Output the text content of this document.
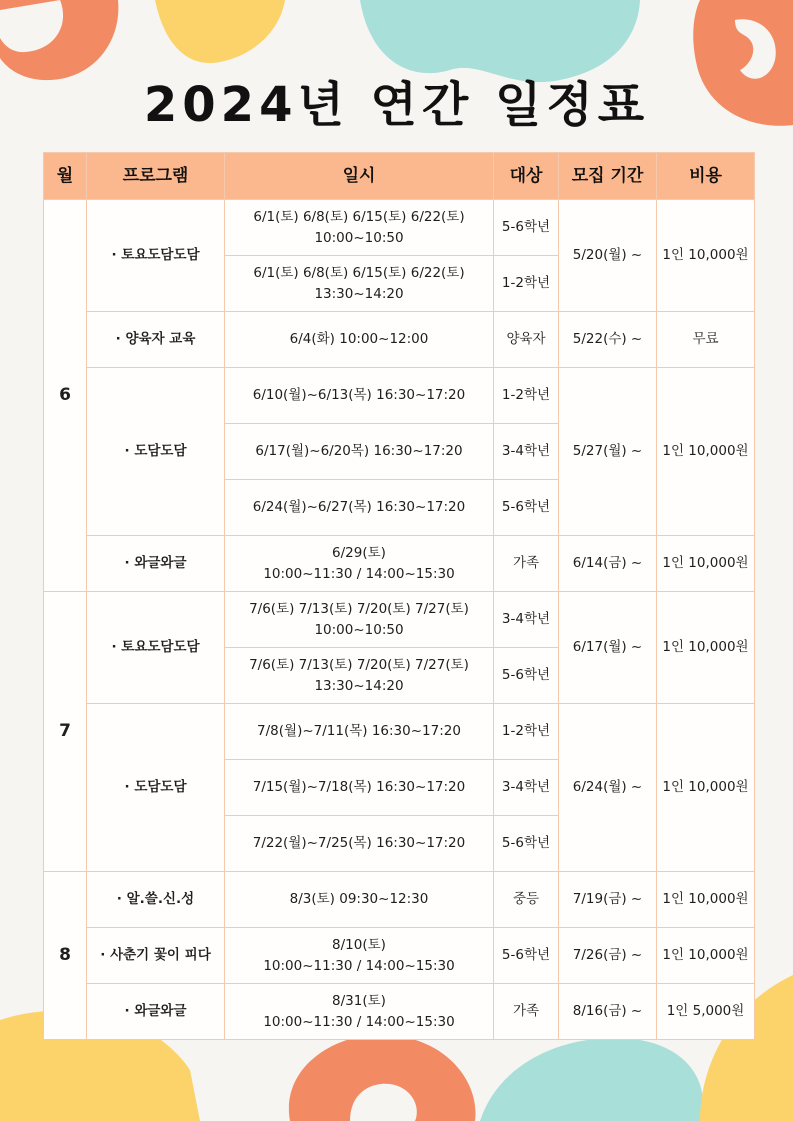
2024년 연간 일정표
월	프로그램	일시	대상	모집 기간	비용
6	· 토요도담도담	6/1(토) 6/8(토) 6/15(토) 6/22(토)
10:00~10:50	5-6학년	5/20(월) ~	1인 10,000원
		6/1(토) 6/8(토) 6/15(토) 6/22(토)
13:30~14:20	1-2학년		
	· 양육자 교육	6/4(화) 10:00~12:00	양육자	5/22(수) ~	무료
	· 도담도담	6/10(월)~6/13(목) 16:30~17:20	1-2학년	5/27(월) ~	1인 10,000원
		6/17(월)~6/20목) 16:30~17:20	3-4학년		
		6/24(월)~6/27(목) 16:30~17:20	5-6학년		
	· 와글와글	6/29(토)
10:00~11:30 / 14:00~15:30	가족	6/14(금) ~	1인 10,000원
7	· 토요도담도담	7/6(토) 7/13(토) 7/20(토) 7/27(토)
10:00~10:50	3-4학년	6/17(월) ~	1인 10,000원
		7/6(토) 7/13(토) 7/20(토) 7/27(토)
13:30~14:20	5-6학년		
	· 도담도담	7/8(월)~7/11(목) 16:30~17:20	1-2학년	6/24(월) ~	1인 10,000원
		7/15(월)~7/18(목) 16:30~17:20	3-4학년		
		7/22(월)~7/25(목) 16:30~17:20	5-6학년		
8	· 알.쓸.신.성	8/3(토) 09:30~12:30	중등	7/19(금) ~	1인 10,000원
	· 사춘기 꽃이 피다	8/10(토)
10:00~11:30 / 14:00~15:30	5-6학년	7/26(금) ~	1인 10,000원
	· 와글와글	8/31(토)
10:00~11:30 / 14:00~15:30	가족	8/16(금) ~	1인 5,000원
